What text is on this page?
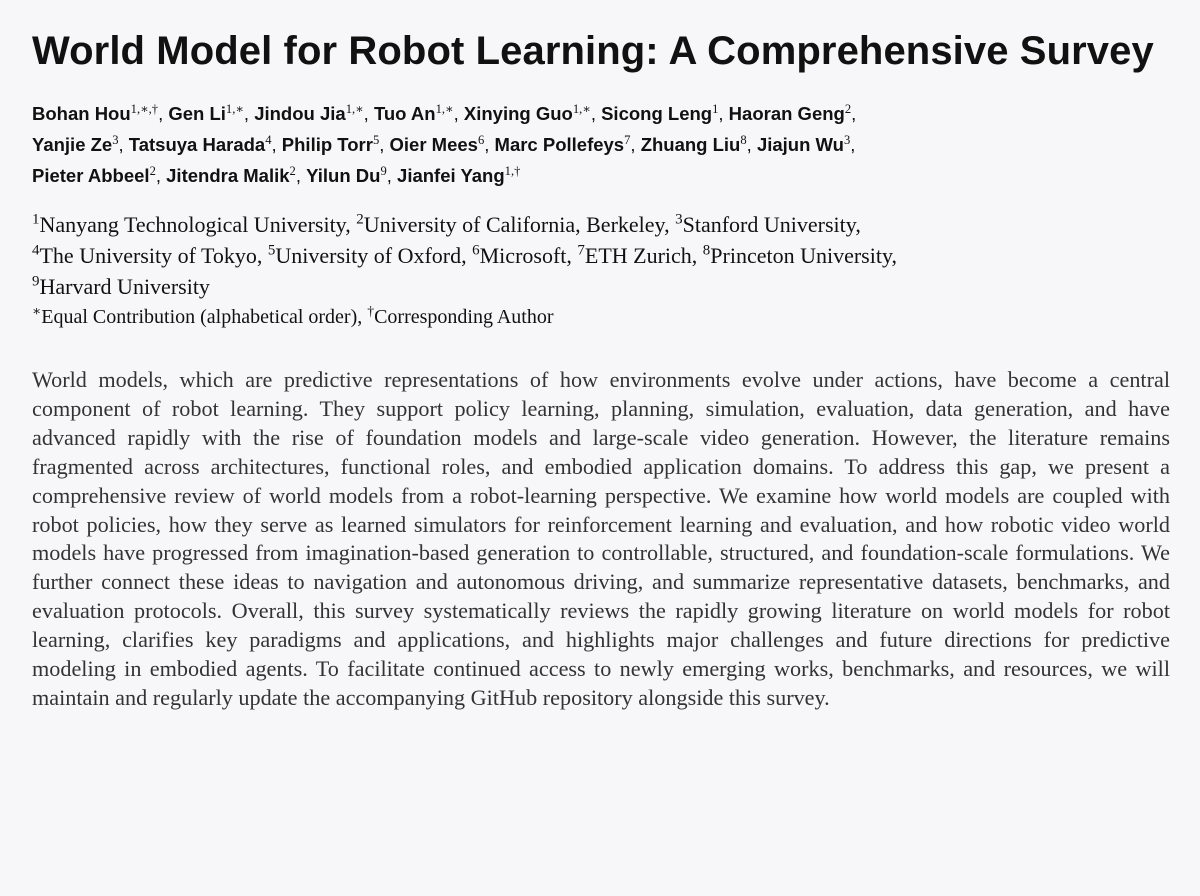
World Model for Robot Learning: A Comprehensive Survey
Bohan Hou$^{1,∗,\dagger}$, Gen $Li^{1,∗}$, Jindou Jia$^{1,∗}$, Tuo $An^{1,∗}$, Xinying Guo$^{1,∗}$, Sicong Leng$^1$, Haoran Geng$^2$,
Yanjie Ze$^3$, Tatsuya Harada$^4$, Philip Torr$^5$, Oier Mees$^6$, Marc Pollefeys$^7$, Zhuang Liu$^8$, Jiajun Wu$^3$,
Pieter Abbeel$^2$, Jitendra Malik$^2$, Yilun Du$^9$, Jianfei Yang$^{1,\dagger}$
$^1$Nanyang Technological University, $^2$University of California, Berkeley, $^3$Stanford University,
$^4$The University of Tokyo, $^5$University of Oxford, $^6$Microsoft, $^7$ETH Zurich, $^8$Princeton University,
$^9$Harvard University
∗Equal Contribution (alphabetical order), †Corresponding Author

World models, which are predictive representations of how environments evolve under actions, have become a central component of robot learning. They support policy learning, planning, simulation, evaluation, data generation, and have advanced rapidly with the rise of foundation models and large-scale video generation. However, the literature remains fragmented across architectures, functional roles, and embodied application domains. To address this gap, we present a comprehensive review of world models from a robot-learning perspective. We examine how world models are coupled with robot policies, how they serve as learned simulators for reinforcement learning and evaluation, and how robotic video world models have progressed from imagination-based generation to controllable, structured, and foundation-scale formulations. We further connect these ideas to navigation and autonomous driving, and summarize representative datasets, benchmarks, and evaluation protocols. Overall, this survey systematically reviews the rapidly growing literature on world models for robot learning, clarifies key paradigms and applications, and highlights major challenges and future directions for predictive modeling in embodied agents. To facilitate continued access to newly emerging works, benchmarks, and resources, we will maintain and regularly update the accompanying GitHub repository alongside this survey.
